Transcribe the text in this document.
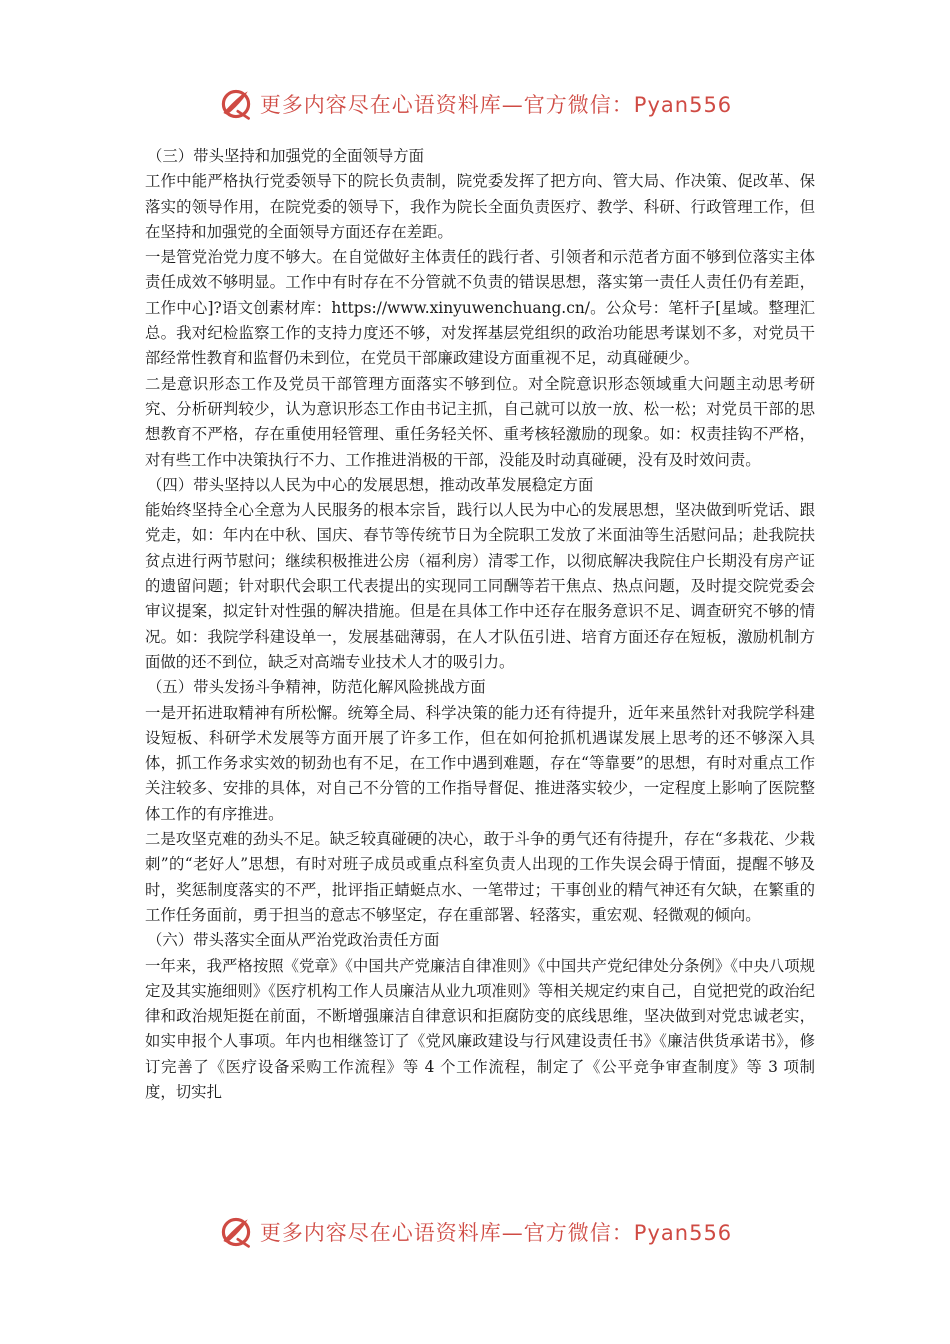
更多内容尽在心语资料库—官方微信：Pyan556

（三）带头坚持和加强党的全面领导方面

工作中能严格执行党委领导下的院长负责制，院党委发挥了把方向、管大局、作决策、促改革、保落实的领导作用，在院党委的领导下，我作为院长全面负责医疗、教学、科研、行政管理工作，但在坚持和加强党的全面领导方面还存在差距。

一是管党治党力度不够大。在自觉做好主体责任的践行者、引领者和示范者方面不够到位落实主体责任成效不够明显。工作中有时存在不分管就不负责的错误思想，落实第一责任人责任仍有差距，工作中心]?语文创素材库：https://www.xinyuwenchuang.cn/。公众号：笔杆子[星域。整理汇总。我对纪检监察工作的支持力度还不够，对发挥基层党组织的政治功能思考谋划不多，对党员干部经常性教育和监督仍未到位，在党员干部廉政建设方面重视不足，动真碰硬少。

二是意识形态工作及党员干部管理方面落实不够到位。对全院意识形态领域重大问题主动思考研究、分析研判较少，认为意识形态工作由书记主抓，自己就可以放一放、松一松；对党员干部的思想教育不严格，存在重使用轻管理、重任务轻关怀、重考核轻激励的现象。如：权责挂钩不严格，对有些工作中决策执行不力、工作推进消极的干部，没能及时动真碰硬，没有及时效问责。

（四）带头坚持以人民为中心的发展思想，推动改革发展稳定方面

能始终坚持全心全意为人民服务的根本宗旨，践行以人民为中心的发展思想，坚决做到听党话、跟党走，如：年内在中秋、国庆、春节等传统节日为全院职工发放了米面油等生活慰问品；赴我院扶贫点进行两节慰问；继续积极推进公房（福利房）清零工作，以彻底解决我院住户长期没有房产证的遗留问题；针对职代会职工代表提出的实现同工同酬等若干焦点、热点问题，及时提交院党委会审议提案，拟定针对性强的解决措施。但是在具体工作中还存在服务意识不足、调查研究不够的情况。如：我院学科建设单一，发展基础薄弱，在人才队伍引进、培育方面还存在短板，激励机制方面做的还不到位，缺乏对高端专业技术人才的吸引力。

（五）带头发扬斗争精神，防范化解风险挑战方面

一是开拓进取精神有所松懈。统筹全局、科学决策的能力还有待提升，近年来虽然针对我院学科建设短板、科研学术发展等方面开展了许多工作，但在如何抢抓机遇谋发展上思考的还不够深入具体，抓工作务求实效的韧劲也有不足，在工作中遇到难题，存在“等靠要”的思想，有时对重点工作关注较多、安排的具体，对自己不分管的工作指导督促、推进落实较少，一定程度上影响了医院整体工作的有序推进。

二是攻坚克难的劲头不足。缺乏较真碰硬的决心，敢于斗争的勇气还有待提升，存在“多栽花、少栽刺”的“老好人”思想，有时对班子成员或重点科室负责人出现的工作失误会碍于情面，提醒不够及时，奖惩制度落实的不严，批评指正蜻蜓点水、一笔带过；干事创业的精气神还有欠缺，在繁重的工作任务面前，勇于担当的意志不够坚定，存在重部署、轻落实，重宏观、轻微观的倾向。

（六）带头落实全面从严治党政治责任方面

一年来，我严格按照《党章》《中国共产党廉洁自律准则》《中国共产党纪律处分条例》《中央八项规定及其实施细则》《医疗机构工作人员廉洁从业九项准则》等相关规定约束自己，自觉把党的政治纪律和政治规矩挺在前面，不断增强廉洁自律意识和拒腐防变的底线思维，坚决做到对党忠诚老实，如实申报个人事项。年内也相继签订了《党风廉政建设与行风建设责任书》《廉洁供货承诺书》，修订完善了《医疗设备采购工作流程》等 4 个工作流程，制定了《公平竞争审查制度》等 3 项制度，切实扎

更多内容尽在心语资料库—官方微信：Pyan556
